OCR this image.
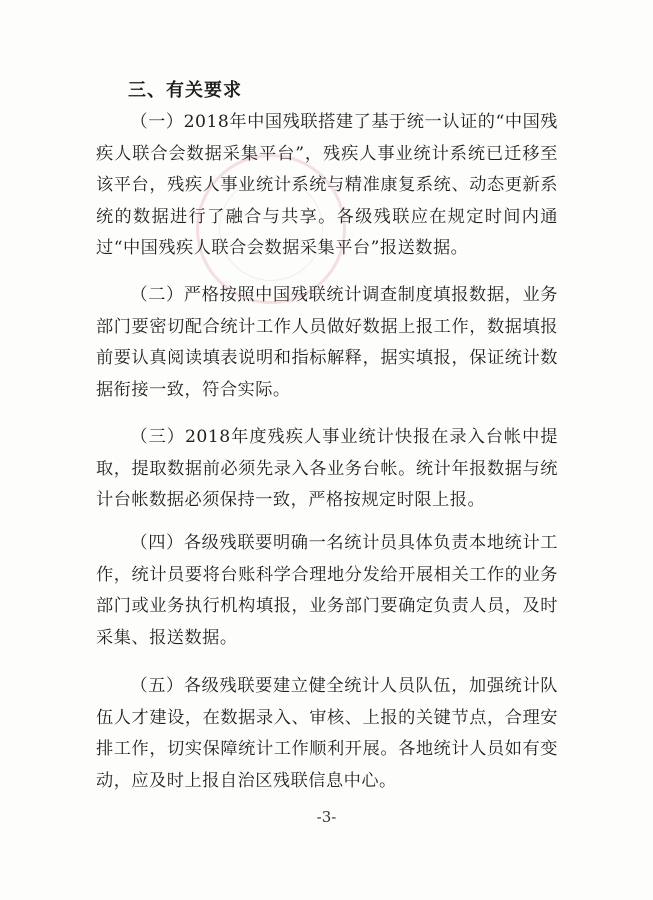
三、有关要求

（一）2018年中国残联搭建了基于统一认证的“中国残疾人联合会数据采集平台”，残疾人事业统计系统已迁移至该平台，残疾人事业统计系统与精准康复系统、动态更新系统的数据进行了融合与共享。各级残联应在规定时间内通过“中国残疾人联合会数据采集平台”报送数据。

（二）严格按照中国残联统计调查制度填报数据，业务部门要密切配合统计工作人员做好数据上报工作，数据填报前要认真阅读填表说明和指标解释，据实填报，保证统计数据衔接一致，符合实际。

（三）2018年度残疾人事业统计快报在录入台帐中提取，提取数据前必须先录入各业务台帐。统计年报数据与统计台帐数据必须保持一致，严格按规定时限上报。

（四）各级残联要明确一名统计员具体负责本地统计工作，统计员要将台账科学合理地分发给开展相关工作的业务部门或业务执行机构填报，业务部门要确定负责人员，及时采集、报送数据。

（五）各级残联要建立健全统计人员队伍，加强统计队伍人才建设，在数据录入、审核、上报的关键节点，合理安排工作，切实保障统计工作顺利开展。各地统计人员如有变动，应及时上报自治区残联信息中心。

-3-
